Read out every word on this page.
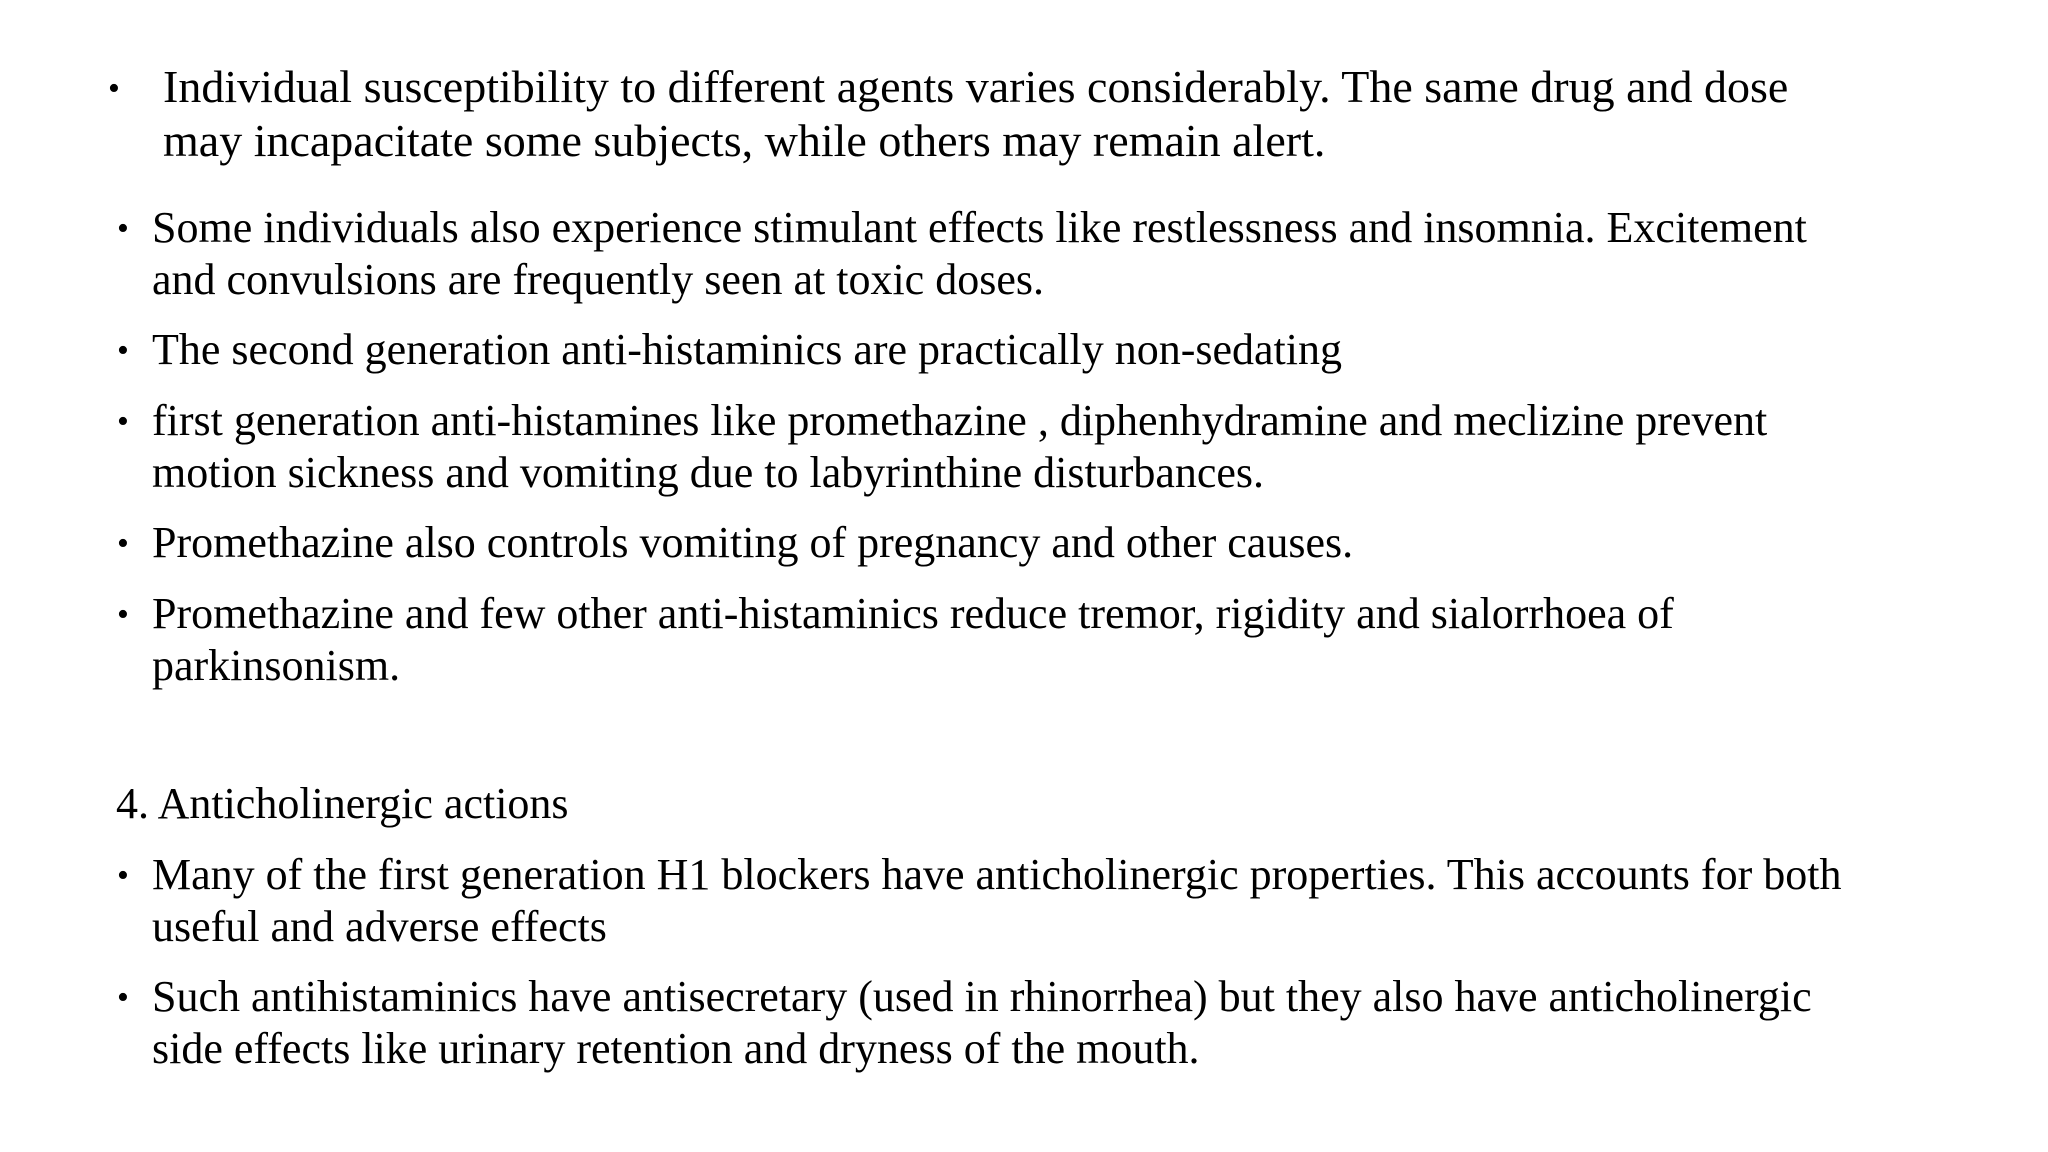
• Individual susceptibility to different agents varies considerably. The same drug and dose
may incapacitate some subjects, while others may remain alert.
• Some individuals also experience stimulant effects like restlessness and insomnia. Excitement
and convulsions are frequently seen at toxic doses.
• The second generation anti-histaminics are practically non-sedating
• first generation anti-histamines like promethazine , diphenhydramine and meclizine prevent
motion sickness and vomiting due to labyrinthine disturbances.
• Promethazine also controls vomiting of pregnancy and other causes.
• Promethazine and few other anti-histaminics reduce tremor, rigidity and sialorrhoea of
parkinsonism.
4. Anticholinergic actions
• Many of the first generation H1 blockers have anticholinergic properties. This accounts for both
useful and adverse effects
• Such antihistaminics have antisecretary (used in rhinorrhea) but they also have anticholinergic
side effects like urinary retention and dryness of the mouth.
